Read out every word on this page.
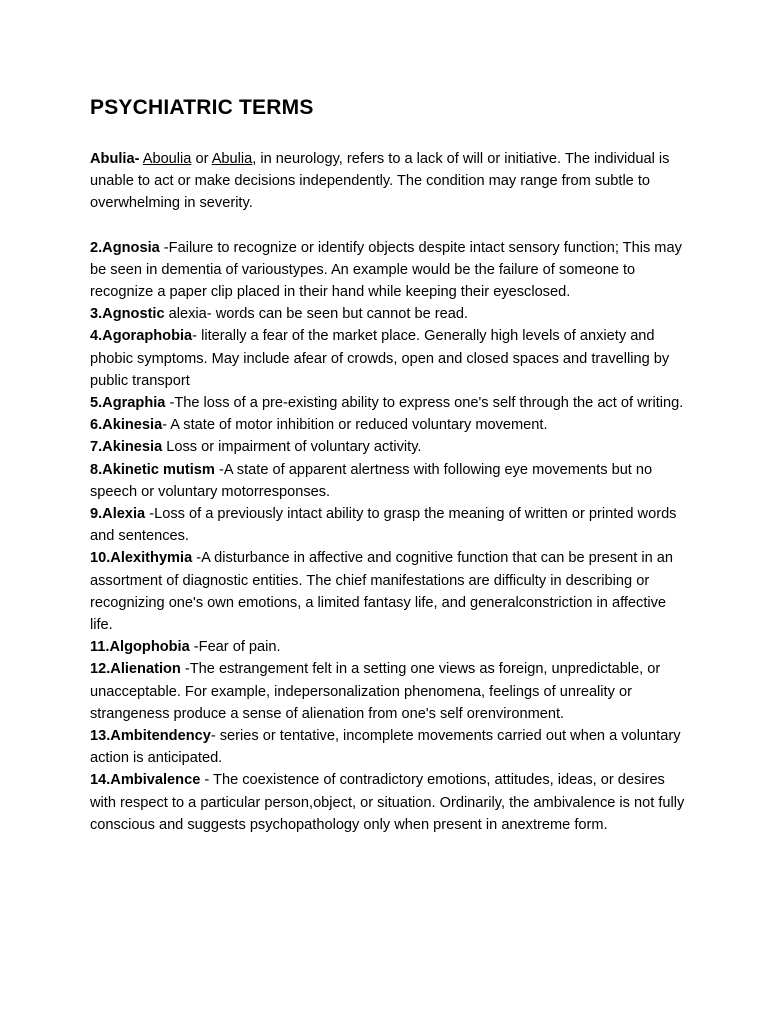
PSYCHIATRIC TERMS

Abulia- Aboulia or Abulia, in neurology, refers to a lack of will or initiative. The individual is unable to act or make decisions independently. The condition may range from subtle to overwhelming in severity.

2.Agnosia -Failure to recognize or identify objects despite intact sensory function; This may be seen in dementia of varioustypes. An example would be the failure of someone to recognize a paper clip placed in their hand while keeping their eyesclosed.

3.Agnostic alexia- words can be seen but cannot be read.

4.Agoraphobia- literally a fear of the market place. Generally high levels of anxiety and phobic symptoms. May include afear of crowds, open and closed spaces and travelling by public transport

5.Agraphia -The loss of a pre-existing ability to express one's self through the act of writing.

6.Akinesia- A state of motor inhibition or reduced voluntary movement.

7.Akinesia Loss or impairment of voluntary activity.

8.Akinetic mutism -A state of apparent alertness with following eye movements but no speech or voluntary motorresponses.

9.Alexia -Loss of a previously intact ability to grasp the meaning of written or printed words and sentences.

10.Alexithymia -A disturbance in affective and cognitive function that can be present in an assortment of diagnostic entities. The chief manifestations are difficulty in describing or recognizing one's own emotions, a limited fantasy life, and generalconstriction in affective life.

11.Algophobia -Fear of pain.

12.Alienation -The estrangement felt in a setting one views as foreign, unpredictable, or unacceptable. For example, indepersonalization phenomena, feelings of unreality or strangeness produce a sense of alienation from one's self orenvironment.

13.Ambitendency- series or tentative, incomplete movements carried out when a voluntary action is anticipated.

14.Ambivalence - The coexistence of contradictory emotions, attitudes, ideas, or desires with respect to a particular person,object, or situation. Ordinarily, the ambivalence is not fully conscious and suggests psychopathology only when present in anextreme form.
